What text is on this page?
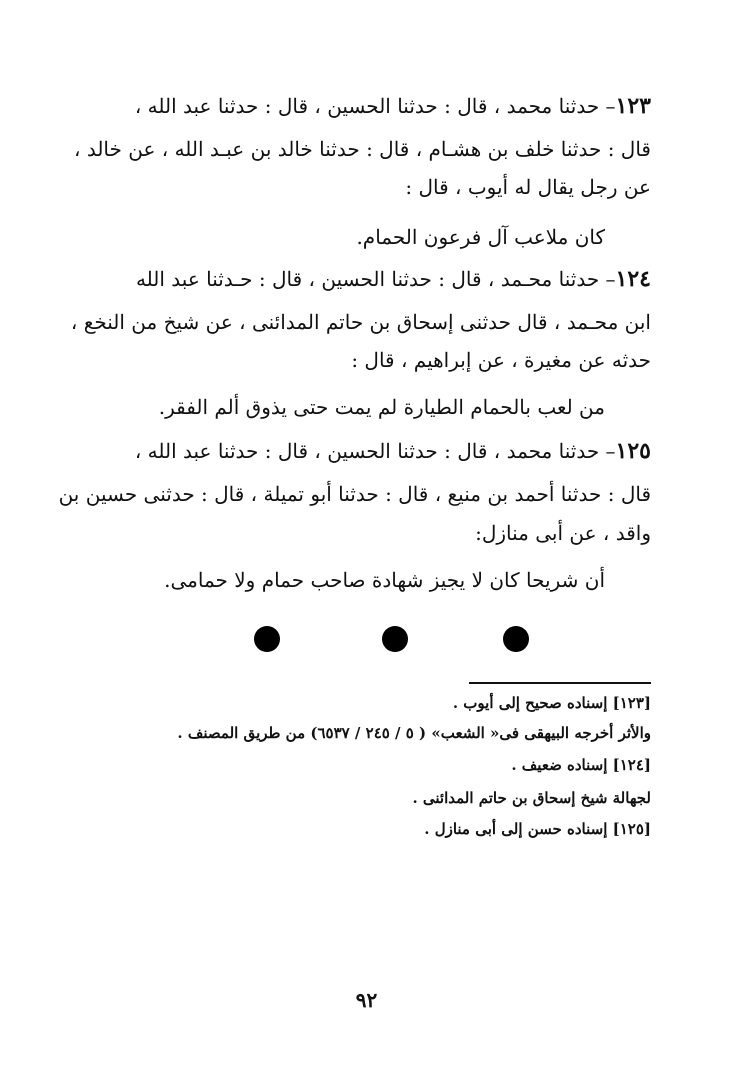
١٢٣– حدثنا محمد ، قال : حدثنا الحسين ، قال : حدثنا عبد الله ،
قال : حدثنا خلف بن هشـام ، قال : حدثنا خالد بن عبـد الله ، عن خالد ،
عن رجل يقال له أيوب ، قال :
كان ملاعب آل فرعون الحمام.
١٢٤– حدثنا محـمد ، قال : حدثنا الحسين ، قال : حـدثنا عبد الله
ابن محـمد ، قال حدثنى إسحاق بن حاتم المدائنى ، عن شيخ من النخع ،
حدثه عن مغيرة ، عن إبراهيم ، قال :
من لعب بالحمام الطيارة لم يمت حتى يذوق ألم الفقر.
١٢٥– حدثنا محمد ، قال : حدثنا الحسين ، قال : حدثنا عبد الله ،
قال : حدثنا أحمد بن منيع ، قال : حدثنا أبو تميلة ، قال : حدثنى حسين بن
واقد ، عن أبى منازل:
أن شريحا كان لا يجيز شهادة صاحب حمام ولا حمامى.
[١٢٣] إسناده صحيح إلى أيوب .
والأثر أخرجه البيهقى فى« الشعب» ( ٥ / ٢٤٥ / ٦٥٣٧) من طريق المصنف .
[١٢٤] إسناده ضعيف .
لجهالة شيخ إسحاق بن حاتم المدائنى .
[١٢٥] إسناده حسن إلى أبى منازل .
٩٢
